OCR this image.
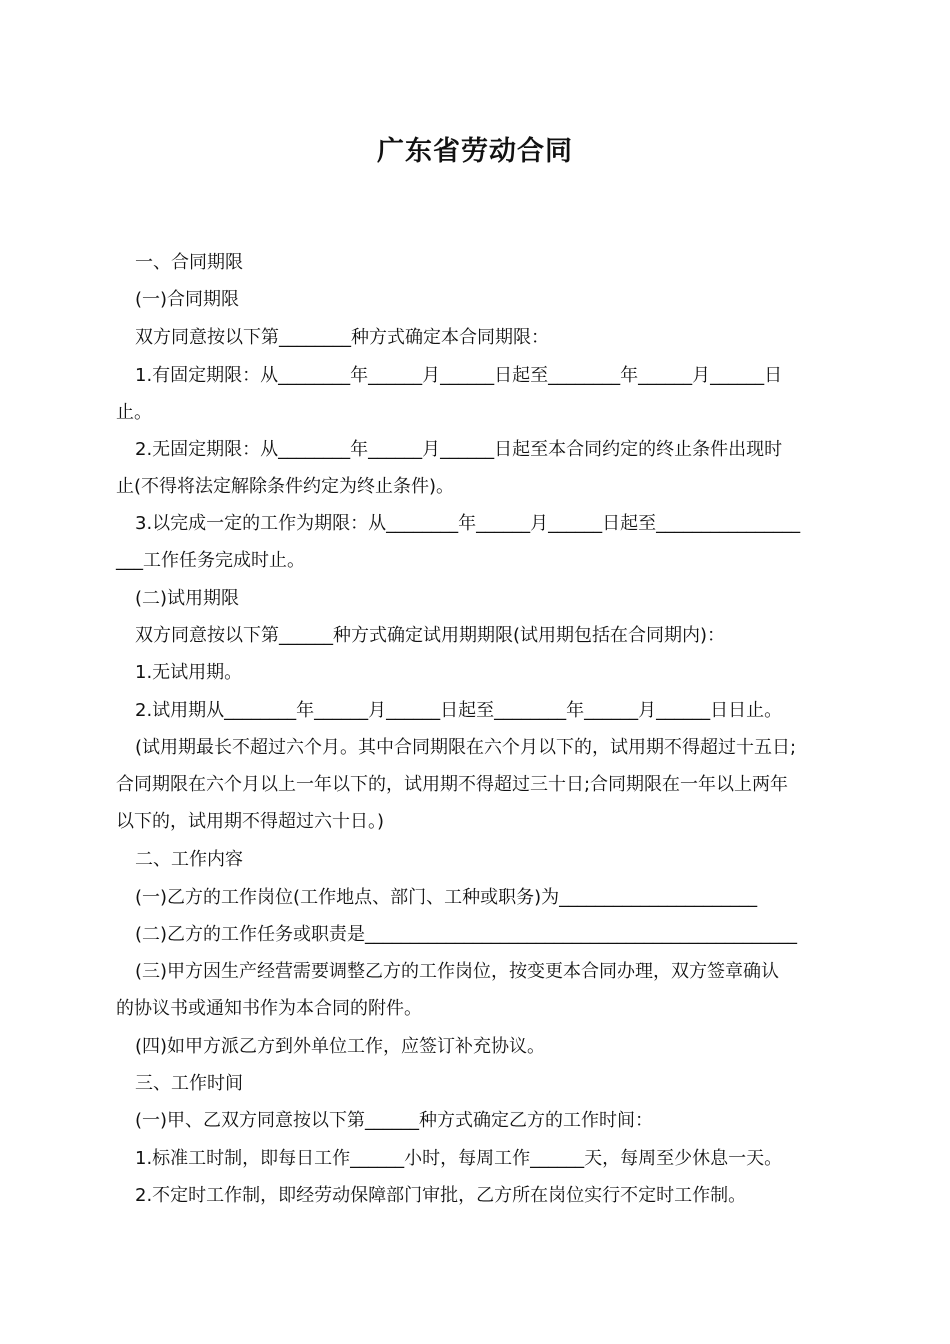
广东省劳动合同
一、合同期限
(一)合同期限
双方同意按以下第________种方式确定本合同期限：
1.有固定期限：从________年______月______日起至________年______月______日
止。
2.无固定期限：从________年______月______日起至本合同约定的终止条件出现时
止(不得将法定解除条件约定为终止条件)。
3.以完成一定的工作为期限：从________年______月______日起至________________
___工作任务完成时止。
(二)试用期限
双方同意按以下第______种方式确定试用期期限(试用期包括在合同期内)：
1.无试用期。
2.试用期从________年______月______日起至________年______月______日日止。
(试用期最长不超过六个月。其中合同期限在六个月以下的，试用期不得超过十五日;
合同期限在六个月以上一年以下的，试用期不得超过三十日;合同期限在一年以上两年
以下的，试用期不得超过六十日。)
二、工作内容
(一)乙方的工作岗位(工作地点、部门、工种或职务)为______________________
(二)乙方的工作任务或职责是________________________________________________
(三)甲方因生产经营需要调整乙方的工作岗位，按变更本合同办理，双方签章确认
的协议书或通知书作为本合同的附件。
(四)如甲方派乙方到外单位工作，应签订补充协议。
三、工作时间
(一)甲、乙双方同意按以下第______种方式确定乙方的工作时间：
1.标准工时制，即每日工作______小时，每周工作______天，每周至少休息一天。
2.不定时工作制，即经劳动保障部门审批，乙方所在岗位实行不定时工作制。
